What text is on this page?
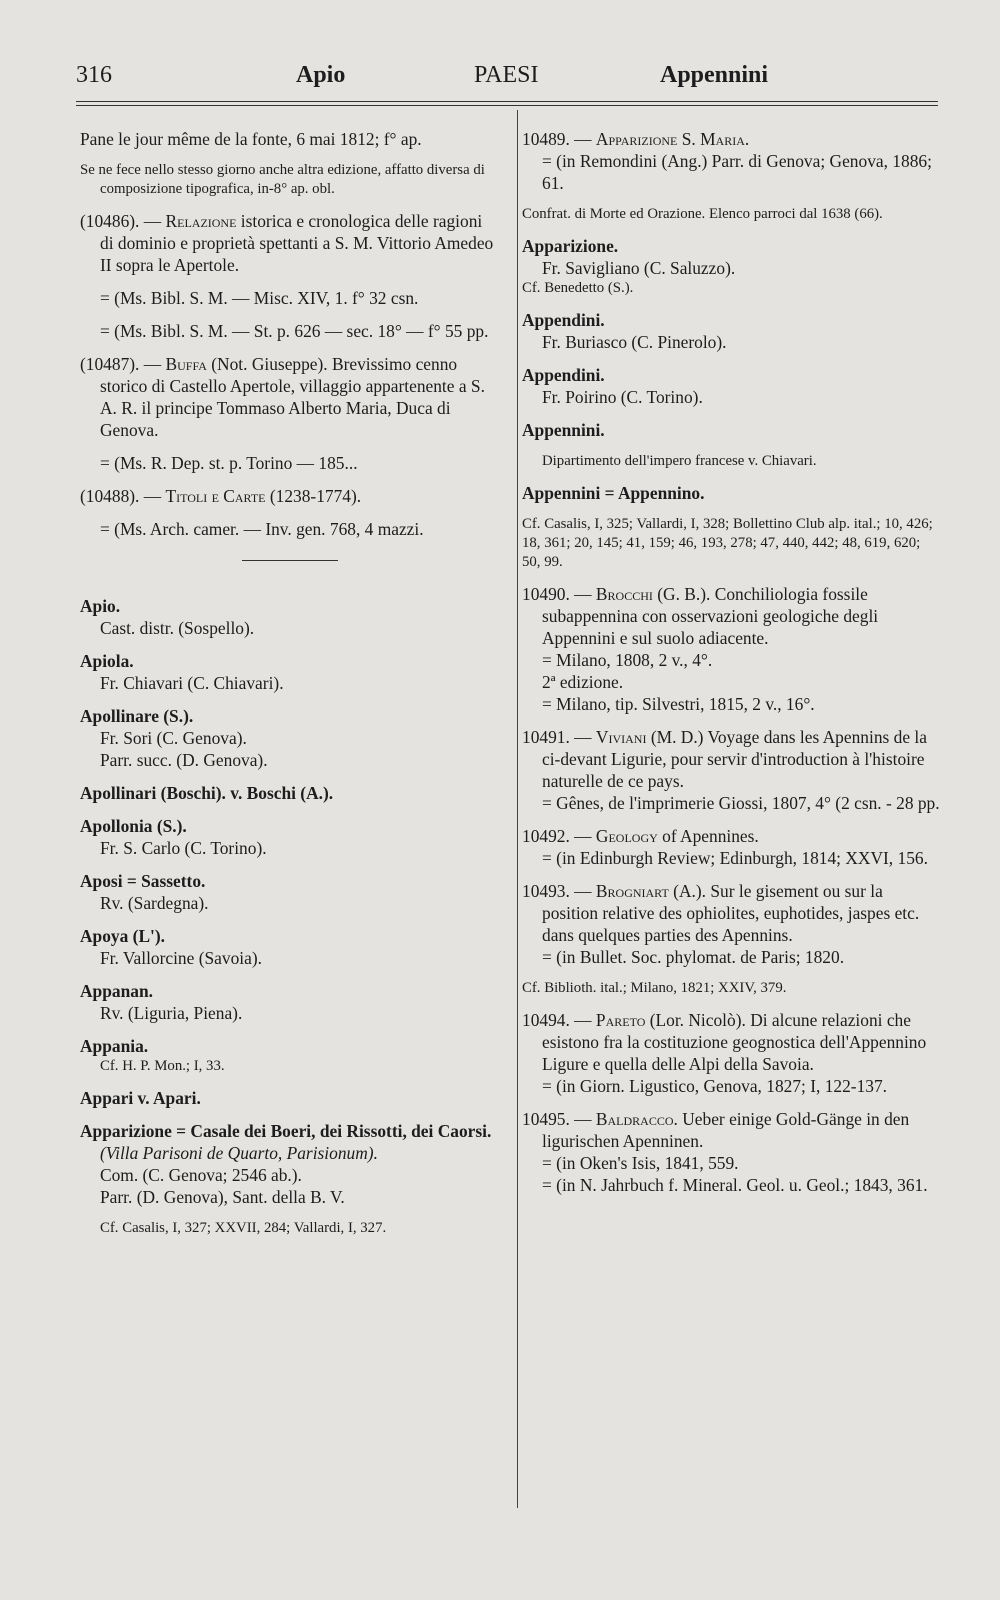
316	Apio	PAESI	Appennini
Pane le jour même de la fonte, 6 mai 1812; f° ap.
Se ne fece nello stesso giorno anche altra edizione, affatto diversa di composizione tipografica, in-8° ap. obl.
(10486). — Relazione istorica e cronologica delle ragioni di dominio e proprietà spettanti a S. M. Vittorio Amedeo II sopra le Apertole.
= (Ms. Bibl. S. M. — Misc. XIV, 1. f° 32 csn.
= (Ms. Bibl. S. M. — St. p. 626 — sec. 18° — f° 55 pp.
(10487). — Buffa (Not. Giuseppe). Brevissimo cenno storico di Castello Apertole, villaggio appartenente a S. A. R. il principe Tommaso Alberto Maria, Duca di Genova.
= (Ms. R. Dep. st. p. Torino — 185...
(10488). — Titoli e Carte (1238-1774).
= (Ms. Arch. camer. — Inv. gen. 768, 4 mazzi.
Apio.
Cast. distr. (Sospello).
Apiola.
Fr. Chiavari (C. Chiavari).
Apollinare (S.).
Fr. Sori (C. Genova).
Parr. succ. (D. Genova).
Apollinari (Boschi). v. Boschi (A.).
Apollonia (S.).
Fr. S. Carlo (C. Torino).
Aposi = Sassetto.
Rv. (Sardegna).
Apoya (L').
Fr. Vallorcine (Savoia).
Appanan.
Rv. (Liguria, Piena).
Appania.
Cf. H. P. Mon.; I, 33.
Appari v. Apari.
Apparizione = Casale dei Boeri, dei Rissotti, dei Caorsi.
(Villa Parisoni de Quarto, Parisionum).
Com. (C. Genova; 2546 ab.).
Parr. (D. Genova), Sant. della B. V.
Cf. Casalis, I, 327; XXVII, 284; Vallardi, I, 327.
10489. — Apparizione S. Maria.
= (in Remondini (Ang.) Parr. di Genova; Genova, 1886; 61.
Confrat. di Morte ed Orazione. Elenco parroci dal 1638 (66).
Apparizione.
Fr. Savigliano (C. Saluzzo).
Cf. Benedetto (S.).
Appendini.
Fr. Buriasco (C. Pinerolo).
Appendini.
Fr. Poirino (C. Torino).
Appennini.
Dipartimento dell'impero francese v. Chiavari.
Appennini = Appennino.
Cf. Casalis, I, 325; Vallardi, I, 328; Bollettino Club alp. ital.; 10, 426; 18, 361; 20, 145; 41, 159; 46, 193, 278; 47, 440, 442; 48, 619, 620; 50, 99.
10490. — Brocchi (G. B.). Conchiliologia fossile subappennina con osservazioni geologiche degli Appennini e sul suolo adiacente.
= Milano, 1808, 2 v., 4°.
2ª edizione.
= Milano, tip. Silvestri, 1815, 2 v., 16°.
10491. — Viviani (M. D.) Voyage dans les Apennins de la ci-devant Ligurie, pour servir d'introduction à l'histoire naturelle de ce pays.
= Gênes, de l'imprimerie Giossi, 1807, 4° (2 csn. - 28 pp.
10492. — Geology of Apennines.
= (in Edinburgh Review; Edinburgh, 1814; XXVI, 156.
10493. — Brogniart (A.). Sur le gisement ou sur la position relative des ophiolites, euphotides, jaspes etc. dans quelques parties des Apennins.
= (in Bullet. Soc. phylomat. de Paris; 1820.
Cf. Biblioth. ital.; Milano, 1821; XXIV, 379.
10494. — Pareto (Lor. Nicolò). Di alcune relazioni che esistono fra la costituzione geognostica dell'Appennino Ligure e quella delle Alpi della Savoia.
= (in Giorn. Ligustico, Genova, 1827; I, 122-137.
10495. — Baldracco. Ueber einige Gold-Gänge in den ligurischen Apenninen.
= (in Oken's Isis, 1841, 559.
= (in N. Jahrbuch f. Mineral. Geol. u. Geol.; 1843, 361.
